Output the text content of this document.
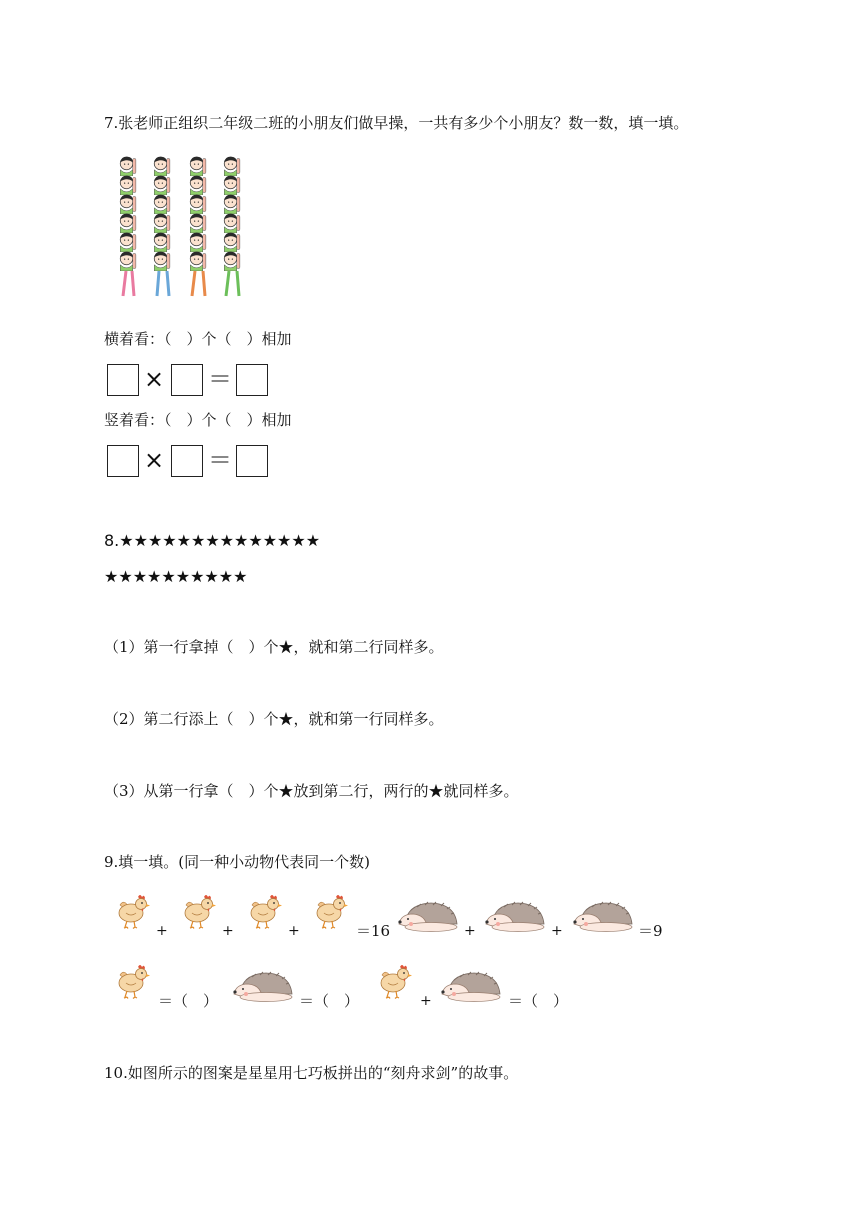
7.张老师正组织二年级二班的小朋友们做早操，一共有多少个小朋友？数一数，填一填。
横着看：（　）个（　）相加
× ＝
竖着看：（　）个（　）相加
× ＝
8.★★★★★★★★★★★★★★
★★★★★★★★★★
（1）第一行拿掉（　）个★，就和第二行同样多。
（2）第二行添上（　）个★，就和第一行同样多。
（3）从第一行拿（　）个★放到第二行，两行的★就同样多。
9.填一填。(同一种小动物代表同一个数)
+	+	+	＝16	+	+	＝9
＝（　）	＝（　）	+	＝（　）
10.如图所示的图案是星星用七巧板拼出的“刻舟求剑”的故事。
